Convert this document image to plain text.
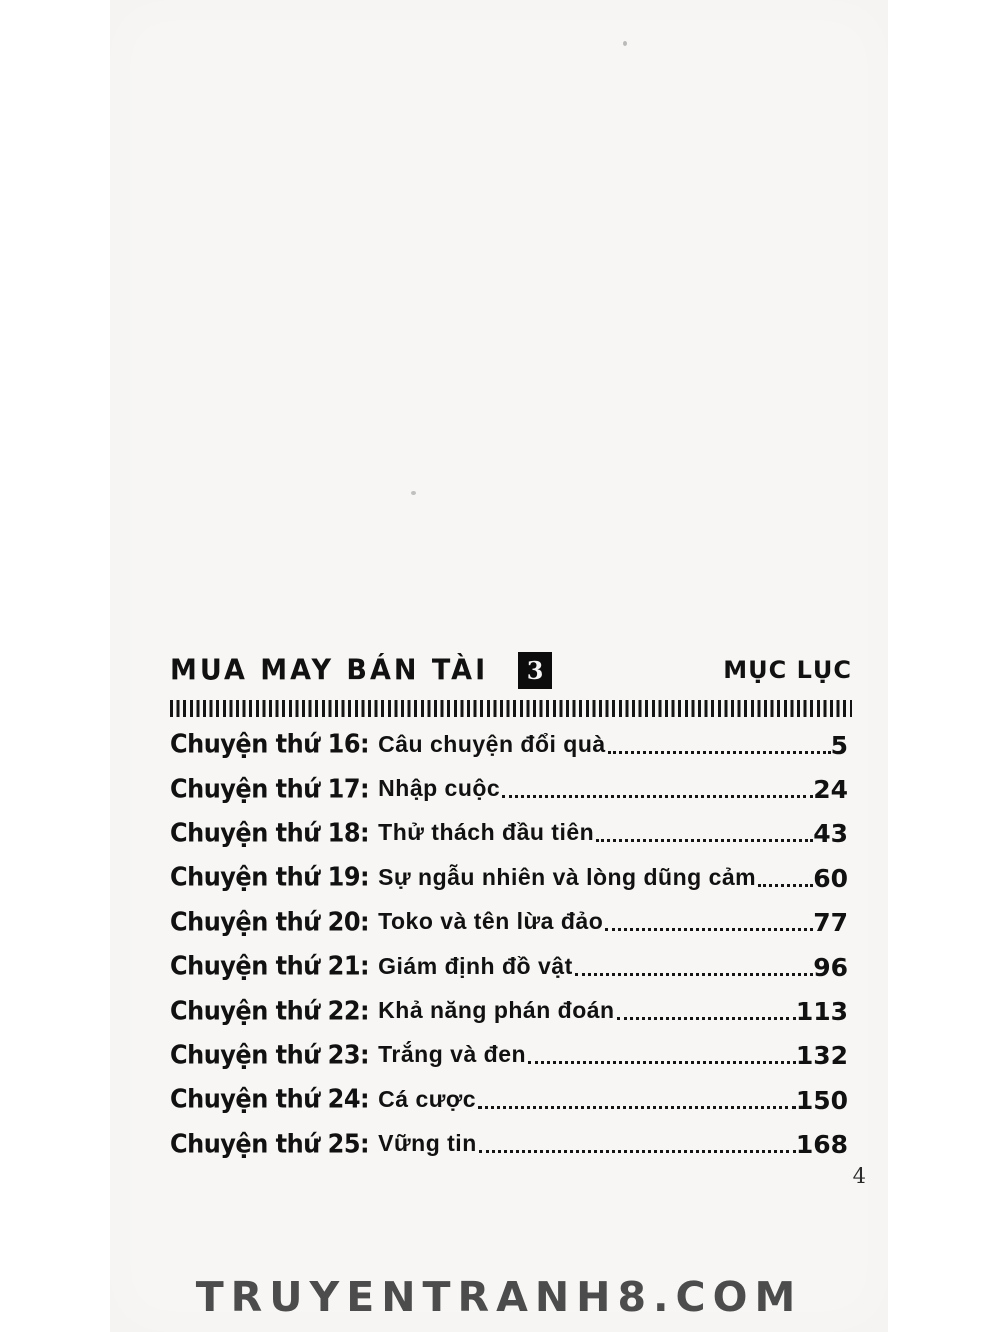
MUA MAY BÁN TÀI	3	MỤC LỤC
Chuyện thứ 16: Câu chuyện đổi quà	5
Chuyện thứ 17: Nhập cuộc	24
Chuyện thứ 18: Thử thách đầu tiên	43
Chuyện thứ 19: Sự ngẫu nhiên và lòng dũng cảm 60
Chuyện thứ 20: Toko và tên lừa đảo	77
Chuyện thứ 21: Giám định đồ vật	96
Chuyện thứ 22: Khả năng phán đoán	113
Chuyện thứ 23: Trắng và đen	132
Chuyện thứ 24: Cá cược	150
Chuyện thứ 25: Vững tin	168
4
TRUYENTRANH8.COM
